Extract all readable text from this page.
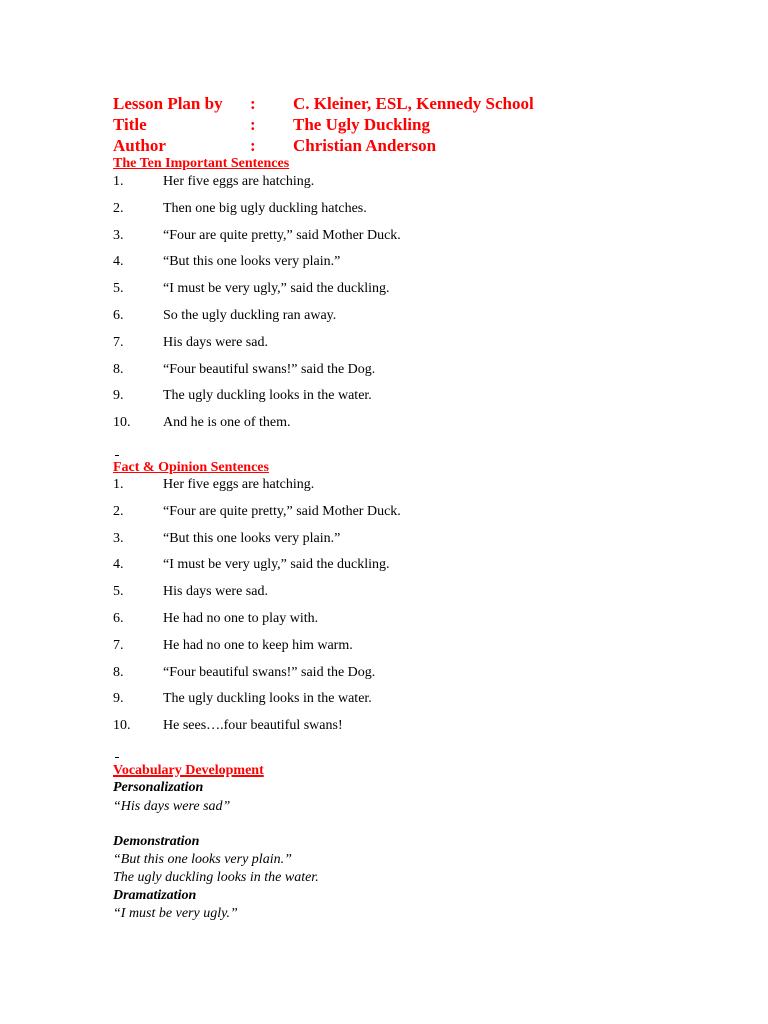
Lesson Plan by : C. Kleiner, ESL, Kennedy School
Title	: The Ugly Duckling
Author	: Christian Anderson
The Ten Important Sentences
1.	Her five eggs are hatching.
2.	Then one big ugly duckling hatches.
3.	“Four are quite pretty,” said Mother Duck.
4.	“But this one looks very plain.”
5.	“I must be very ugly,” said the duckling.
6.	So the ugly duckling ran away.
7.	His days were sad.
8.	“Four beautiful swans!” said the Dog.
9.	The ugly duckling looks in the water.
10. And he is one of them.
Fact & Opinion Sentences
1.	Her five eggs are hatching.
2.	“Four are quite pretty,” said Mother Duck.
3.	“But this one looks very plain.”
4.	“I must be very ugly,” said the duckling.
5.	His days were sad.
6.	He had no one to play with.
7.	He had no one to keep him warm.
8.	“Four beautiful swans!” said the Dog.
9.	The ugly duckling looks in the water.
10. He sees….four beautiful swans!
Vocabulary Development
Personalization
“His days were sad”
Demonstration
“But this one looks very plain.”
The ugly duckling looks in the water.
Dramatization
“I must be very ugly.”
